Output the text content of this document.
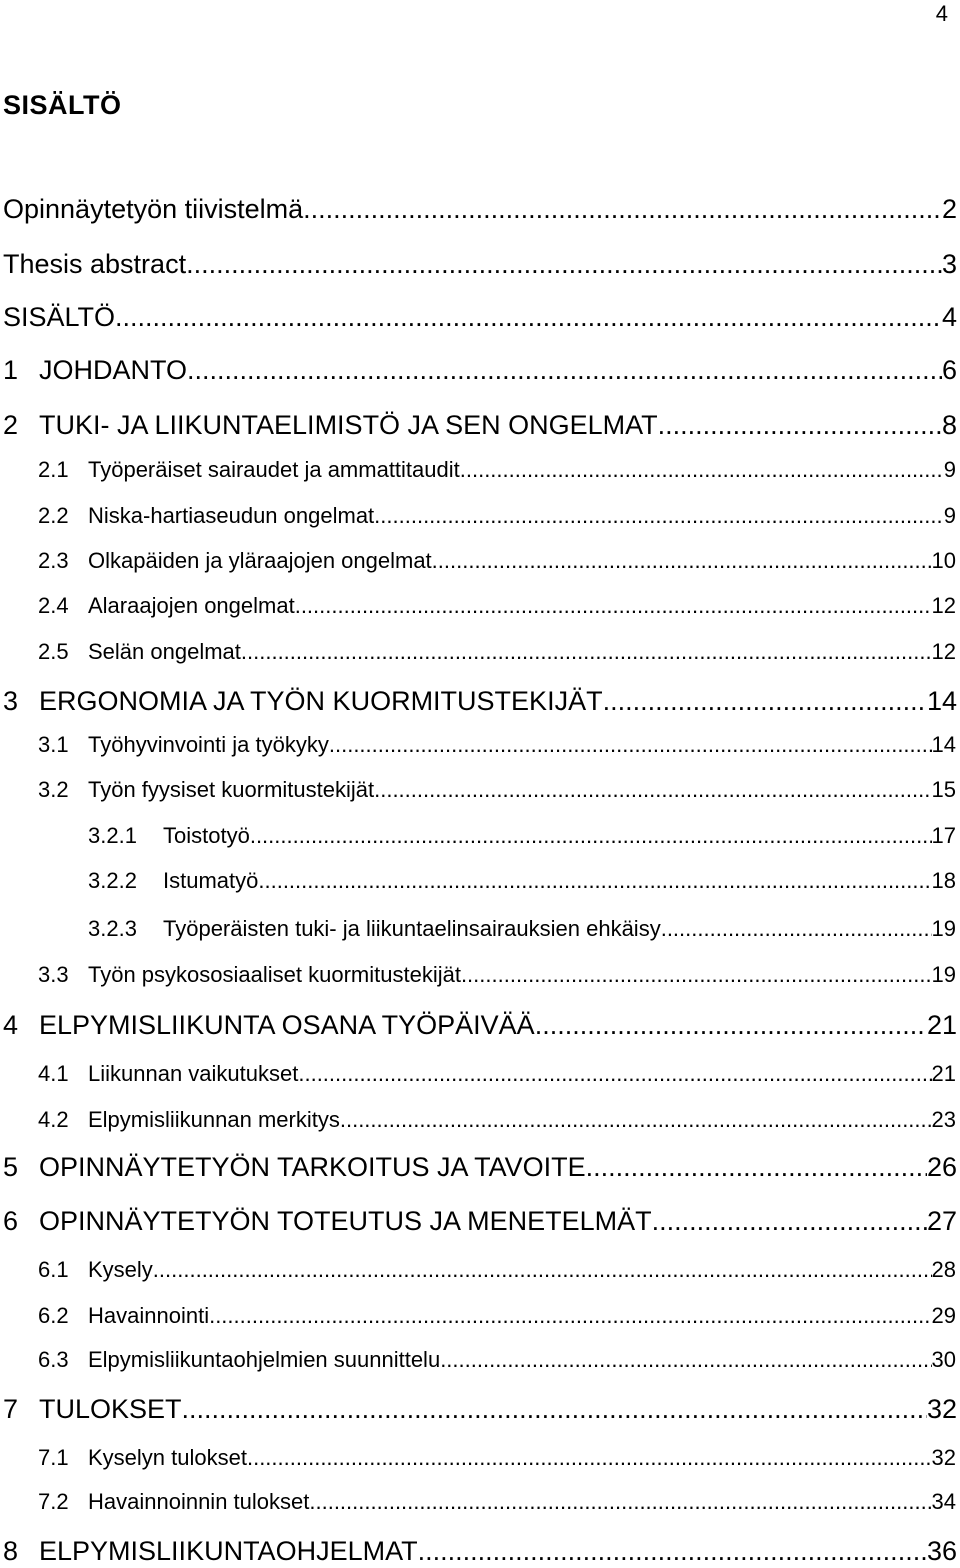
4
SISÄLTÖ
Opinnäytetyön tiivistelmä .....	2
Thesis abstract .....	3
SISÄLTÖ .....	4
1 JOHDANTO .....	6
2 TUKI- JA LIIKUNTAELIMISTÖ JA SEN ONGELMAT .....	8
2.1 Työperäiset sairaudet ja ammattitaudit .....	9
2.2 Niska-hartiaseudun ongelmat .....	9
2.3 Olkapäiden ja yläraajojen ongelmat .....	10
2.4 Alaraajojen ongelmat .....	12
2.5 Selän ongelmat .....	12
3 ERGONOMIA JA TYÖN KUORMITUSTEKIJÄT .....	14
3.1 Työhyvinvointi ja työkyky .....	14
3.2 Työn fyysiset kuormitustekijät .....	15
3.2.1	Toistotyö .....	17
3.2.2	Istumatyö .....	18
3.2.3	Työperäisten tuki- ja liikuntaelinsairauksien ehkäisy .....	19
3.3 Työn psykososiaaliset kuormitustekijät .....	19
4 ELPYMISLIIKUNTA OSANA TYÖPÄIVÄÄ .....	21
4.1 Liikunnan vaikutukset .....	21
4.2 Elpymisliikunnan merkitys .....	23
5 OPINNÄYTETYÖN TARKOITUS JA TAVOITE .....	26
6 OPINNÄYTETYÖN TOTEUTUS JA MENETELMÄT .....	27
6.1 Kysely .....	28
6.2 Havainnointi .....	29
6.3 Elpymisliikuntaohjelmien suunnittelu .....	30
7 TULOKSET .....	32
7.1 Kyselyn tulokset .....	32
7.2 Havainnoinnin tulokset .....	34
8 ELPYMISLIIKUNTAOHJELMAT .....	36
